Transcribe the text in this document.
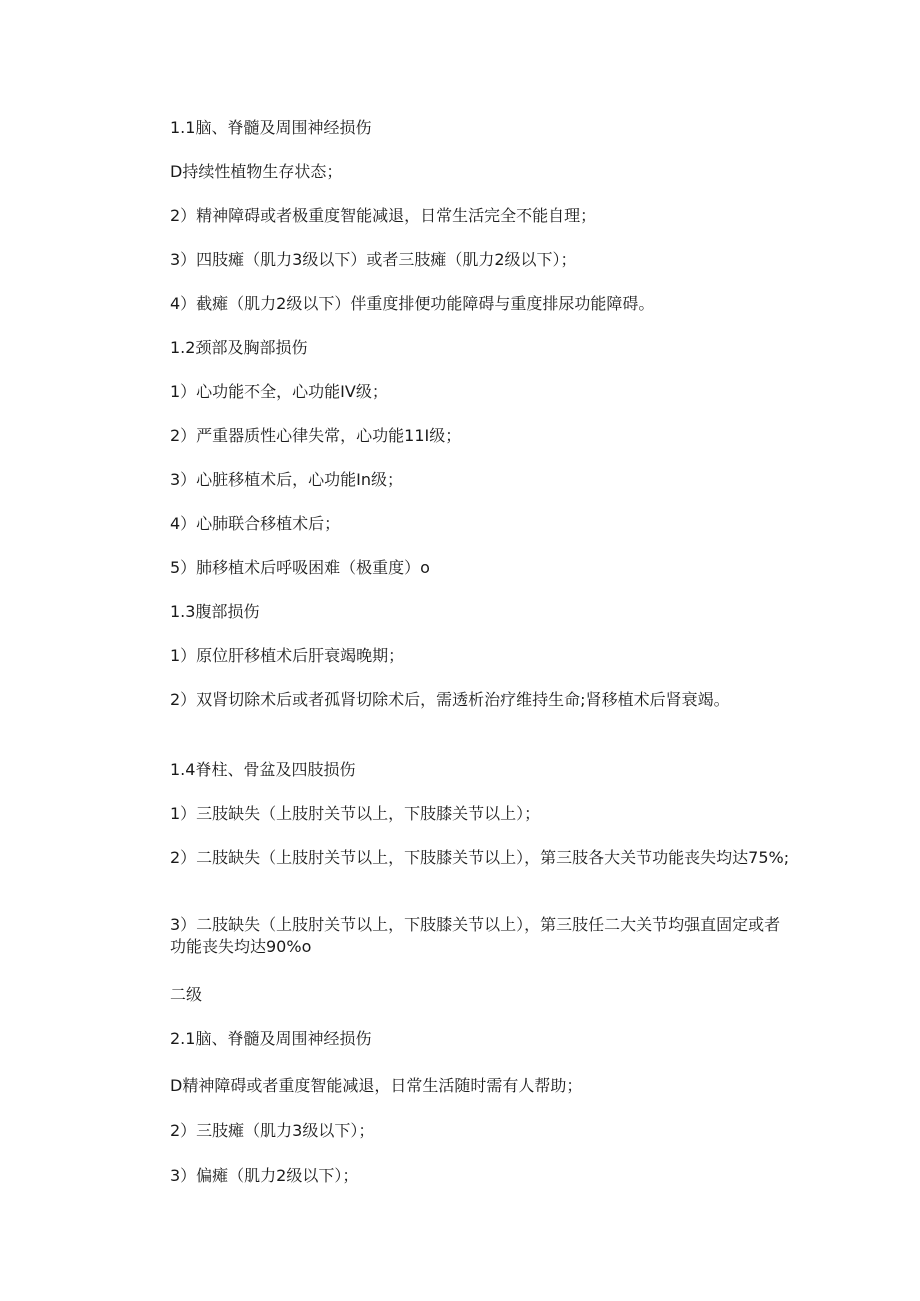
1.1脑、脊髓及周围神经损伤

D持续性植物生存状态；

2）精神障碍或者极重度智能减退，日常生活完全不能自理；

3）四肢瘫（肌力3级以下）或者三肢瘫（肌力2级以下）；

4）截瘫（肌力2级以下）伴重度排便功能障碍与重度排尿功能障碍。

1.2颈部及胸部损伤

1）心功能不全，心功能IV级；

2）严重器质性心律失常，心功能11I级；

3）心脏移植术后，心功能In级；

4）心肺联合移植术后；

5）肺移植术后呼吸困难（极重度）o

1.3腹部损伤

1）原位肝移植术后肝衰竭晚期；

2）双肾切除术后或者孤肾切除术后，需透析治疗维持生命;肾移植术后肾衰竭。

1.4脊柱、骨盆及四肢损伤

1）三肢缺失（上肢肘关节以上，下肢膝关节以上）；

2）二肢缺失（上肢肘关节以上，下肢膝关节以上），第三肢各大关节功能丧失均达75%;

3）二肢缺失（上肢肘关节以上，下肢膝关节以上），第三肢任二大关节均强直固定或者功能丧失均达90%o

二级

2.1脑、脊髓及周围神经损伤

D精神障碍或者重度智能减退，日常生活随时需有人帮助；

2）三肢瘫（肌力3级以下）；

3）偏瘫（肌力2级以下）；
